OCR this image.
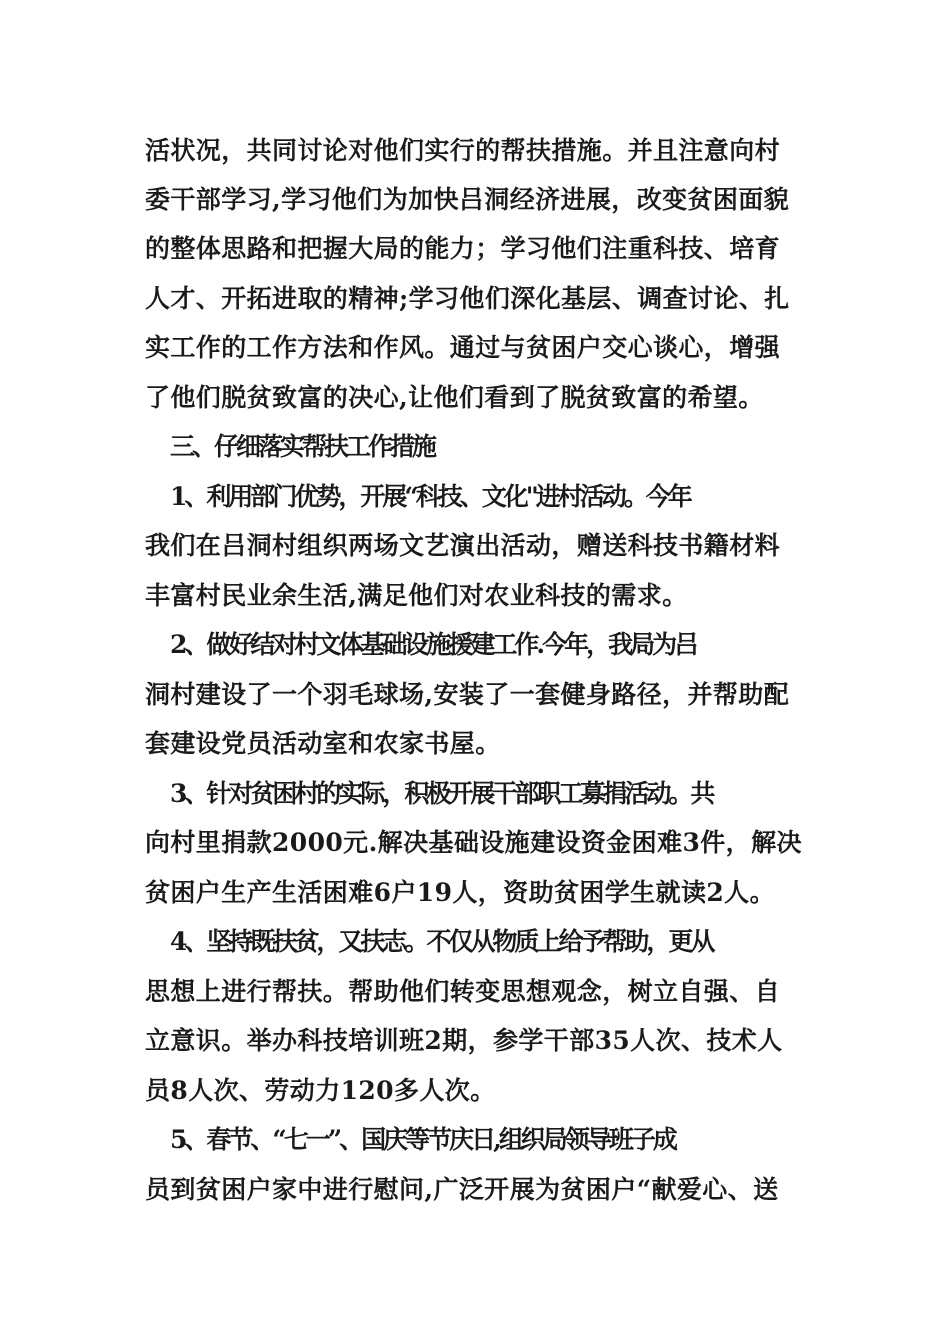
活状况，共同讨论对他们实行的帮扶措施。并且注意向村
委干部学习,学习他们为加快吕洞经济进展，改变贫困面貌
的整体思路和把握大局的能力；学习他们注重科技、培育
人才、开拓进取的精神;学习他们深化基层、调查讨论、扎
实工作的工作方法和作风。通过与贫困户交心谈心，增强
了他们脱贫致富的决心,让他们看到了脱贫致富的希望。
三、仔细落实帮扶工作措施
1、利用部门优势，开展“科技、文化"进村活动。今年
我们在吕洞村组织两场文艺演出活动，赠送科技书籍材料
丰富村民业余生活,满足他们对农业科技的需求。
2、做好结对村文体基础设施援建工作.今年，我局为吕
洞村建设了一个羽毛球场,安装了一套健身路径，并帮助配
套建设党员活动室和农家书屋。
3、针对贫困村的实际，积极开展干部职工募捐活动。共
向村里捐款2000元.解决基础设施建设资金困难3件，解决
贫困户生产生活困难6户19人，资助贫困学生就读2人。
4、坚持既扶贫，又扶志。不仅从物质上给予帮助，更从
思想上进行帮扶。帮助他们转变思想观念，树立自强、自
立意识。举办科技培训班2期，参学干部35人次、技术人
员8人次、劳动力120多人次。
5、春节、“七一”、国庆等节庆日,组织局领导班子成
员到贫困户家中进行慰问,广泛开展为贫困户“献爱心、送
